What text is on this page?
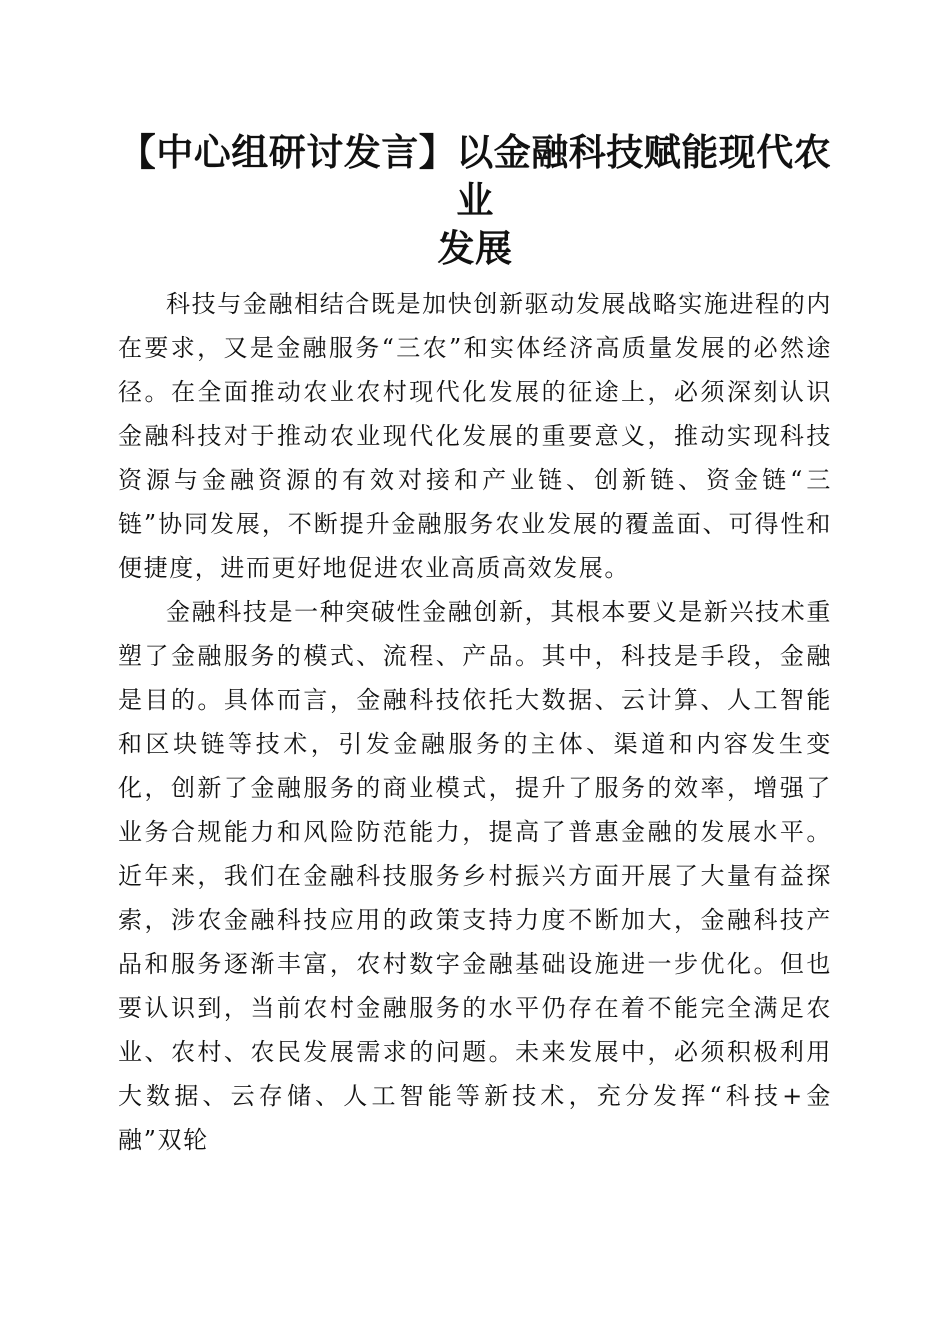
【中心组研讨发言】以金融科技赋能现代农业
发展

科技与金融相结合既是加快创新驱动发展战略实施进程的内在要求，又是金融服务“三农”和实体经济高质量发展的必然途径。在全面推动农业农村现代化发展的征途上，必须深刻认识金融科技对于推动农业现代化发展的重要意义，推动实现科技资源与金融资源的有效对接和产业链、创新链、资金链“三链”协同发展，不断提升金融服务农业发展的覆盖面、可得性和便捷度，进而更好地促进农业高质高效发展。

金融科技是一种突破性金融创新，其根本要义是新兴技术重塑了金融服务的模式、流程、产品。其中，科技是手段，金融是目的。具体而言，金融科技依托大数据、云计算、人工智能和区块链等技术，引发金融服务的主体、渠道和内容发生变化，创新了金融服务的商业模式，提升了服务的效率，增强了业务合规能力和风险防范能力，提高了普惠金融的发展水平。近年来，我们在金融科技服务乡村振兴方面开展了大量有益探索，涉农金融科技应用的政策支持力度不断加大，金融科技产品和服务逐渐丰富，农村数字金融基础设施进一步优化。但也要认识到，当前农村金融服务的水平仍存在着不能完全满足农业、农村、农民发展需求的问题。未来发展中，必须积极利用大数据、云存储、人工智能等新技术，充分发挥“科技+金融”双轮
